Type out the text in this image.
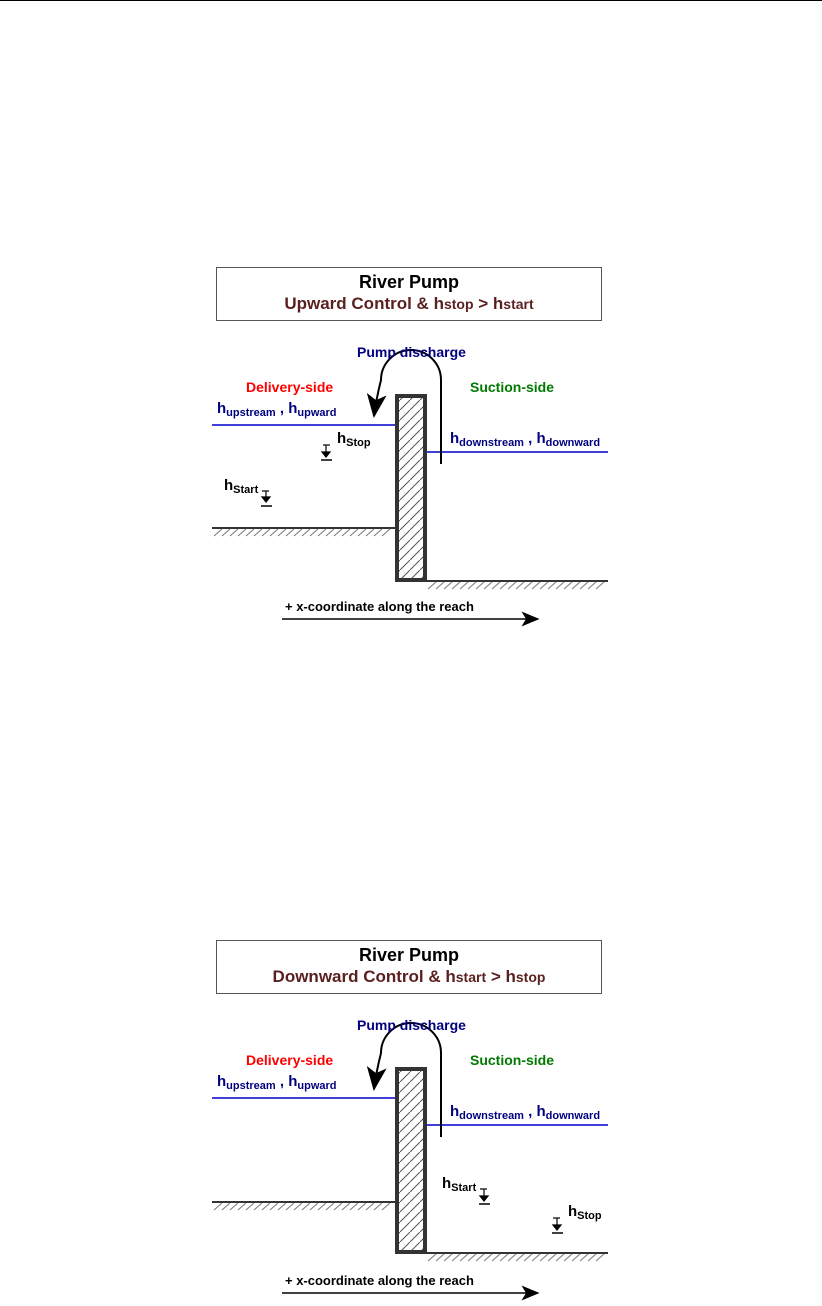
River Pump
Upward Control & hstop > hstart
Pump discharge
Delivery-side	Suction-side
$h_{upstream}$ , $h_{upward}$
$h_{downstream}$ , $h_{downward}$
$h_{Stop}$
$h_{Start}$
+ x-coordinate along the reach
River Pump
Downward Control & hstart > hstop
Pump discharge
Delivery-side	Suction-side
$h_{upstream}$ , $h_{upward}$
$h_{downstream}$ , $h_{downward}$
$h_{Start}$
$h_{Stop}$
+ x-coordinate along the reach
